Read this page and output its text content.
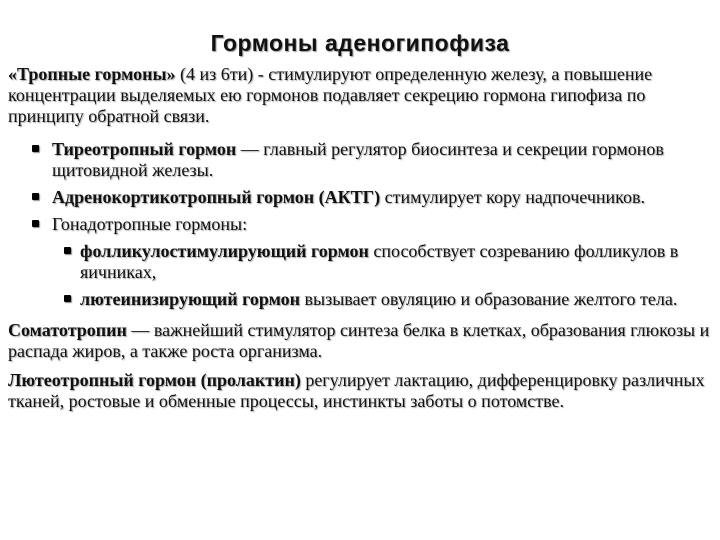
Гормоны аденогипофиза

«Тропные гормоны» (4 из 6ти) - стимулируют определенную железу, а повышение концентрации выделяемых ею гормонов подавляет секрецию гормона гипофиза по принципу обратной связи.

Тиреотропный гормон — главный регулятор биосинтеза и секреции гормонов щитовидной железы.
Адренокортикотропный гормон (АКТГ) стимулирует кору надпочечников.
Гонадотропные гормоны:
фолликулостимулирующий гормон способствует созреванию фолликулов в яичниках,
лютеинизирующий гормон вызывает овуляцию и образование желтого тела.

Соматотропин — важнейший стимулятор синтеза белка в клетках, образования глюкозы и распада жиров, а также роста организма.

Лютеотропный гормон (пролактин) регулирует лактацию, дифференцировку различных тканей, ростовые и обменные процессы, инстинкты заботы о потомстве.
